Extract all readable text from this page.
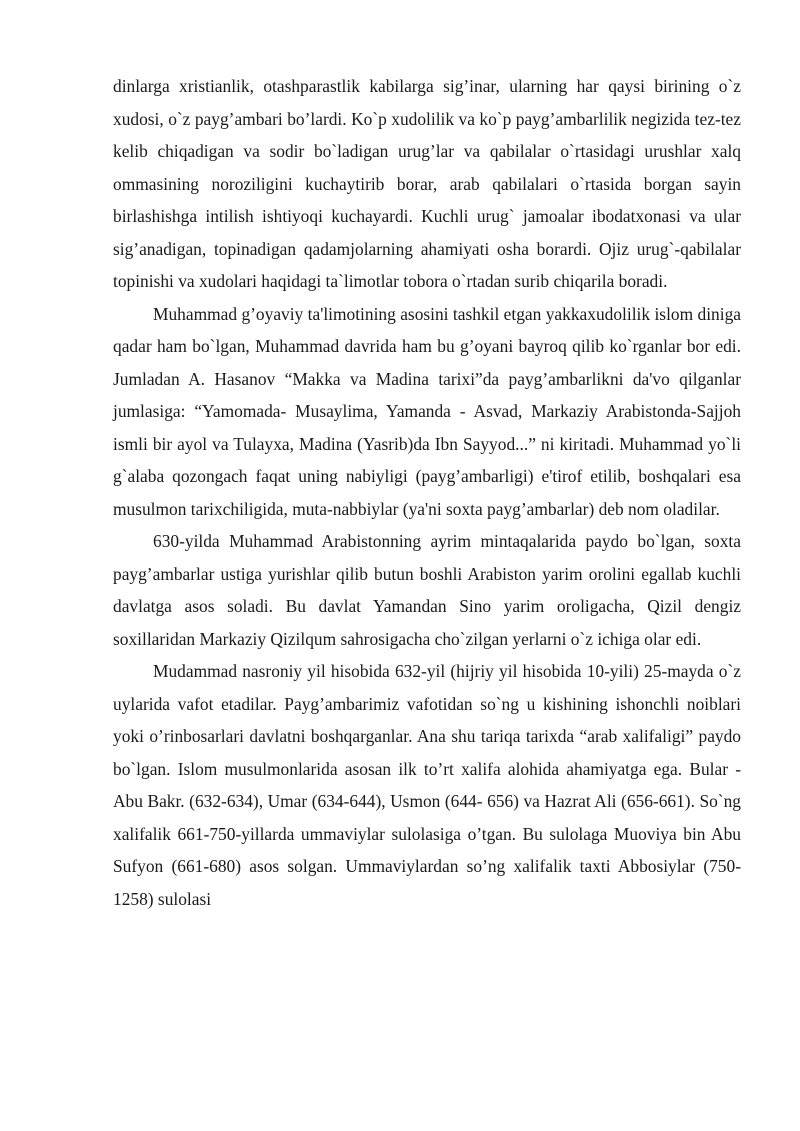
dinlarga xristianlik, otashparastlik kabilarga sig’inar, ularning har qaysi birining o`z xudosi, o`z payg’ambari bo’lardi. Ko`p xudolilik va ko`p payg’ambarlilik negizida tez-tez kelib chiqadigan va sodir bo`ladigan urug’lar va qabilalar o`rtasidagi urushlar xalq ommasining noroziligini kuchaytirib borar, arab qabilalari o`rtasida borgan sayin birlashishga intilish ishtiyoqi kuchayardi. Kuchli urug` jamoalar ibodatxonasi va ular sig’anadigan, topinadigan qadamjolarning ahamiyati osha borardi. Ojiz urug`-qabilalar topinishi va xudolari haqidagi ta`limotlar tobora o`rtadan surib chiqarila boradi.

Muhammad g’oyaviy ta'limotining asosini tashkil etgan yakkaxudolilik islom diniga qadar ham bo`lgan, Muhammad davrida ham bu g’oyani bayroq qilib ko`rganlar bor edi. Jumladan A. Hasanov “Makka va Madina tarixi”da payg’ambarlikni da'vo qilganlar jumlasiga: “Yamomada- Musaylima, Yamanda - Asvad, Markaziy Arabistonda-Sajjoh ismli bir ayol va Tulayxa, Madina (Yasrib)da Ibn Sayyod...” ni kiritadi. Muhammad yo`li g`alaba qozongach faqat uning nabiyligi (payg’ambarligi) e'tirof etilib, boshqalari esa musulmon tarixchiligida, muta-nabbiylar (ya'ni soxta payg’ambarlar) deb nom oladilar.

630-yilda Muhammad Arabistonning ayrim mintaqalarida paydo bo`lgan, soxta payg’ambarlar ustiga yurishlar qilib butun boshli Arabiston yarim orolini egallab kuchli davlatga asos soladi. Bu davlat Yamandan Sino yarim oroligacha, Qizil dengiz soxillaridan Markaziy Qizilqum sahrosigacha cho`zilgan yerlarni o`z ichiga olar edi.

Mudammad nasroniy yil hisobida 632-yil (hijriy yil hisobida 10-yili) 25-mayda o`z uylarida vafot etadilar. Payg’ambarimiz vafotidan so`ng u kishining ishonchli noiblari yoki o’rinbosarlari davlatni boshqarganlar. Ana shu tariqa tarixda “arab xalifaligi” paydo bo`lgan. Islom musulmonlarida asosan ilk to’rt xalifa alohida ahamiyatga ega. Bular - Abu Bakr. (632-634), Umar (634-644), Usmon (644- 656) va Hazrat Ali (656-661). So`ng xalifalik 661-750-yillarda ummaviylar sulolasiga o’tgan. Bu sulolaga Muoviya bin Abu Sufyon (661-680) asos solgan. Ummaviylardan so’ng xalifalik taxti Abbosiylar (750-1258) sulolasi
